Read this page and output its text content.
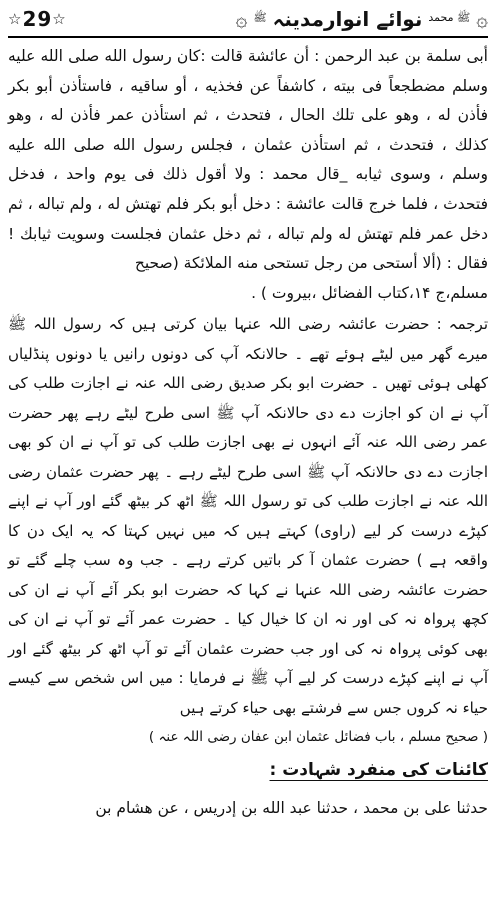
☆ 29 ☆	۞
ﷺ محمد
نوائے انوارمدینہ
ﷺ
۞

أبی سلمة بن عبد الرحمن : أن عائشة قالت :كان رسول الله صلی الله علیه وسلم مضطجعاً فی بیته ، كاشفاً عن فخذیه ، أو ساقیه ، فاستأذن أبو بكر فأذن له ، وهو علی تلك الحال ، فتحدث ، ثم استأذن عمر فأذن له ، وهو كذلك ، فتحدث ، ثم استأذن عثمان ، فجلس رسول الله صلی الله علیه وسلم ، وسوی ثیابه _قال محمد : ولا أقول ذلك فی یوم واحد ، فدخل فتحدث ، فلما خرج قالت عائشة : دخل أبو بكر فلم تهتش له ، ولم تباله ، ثم دخل عمر فلم تهتش له ولم تباله ، ثم دخل عثمان فجلست وسویت ثیابك !فقال : (ألا أستحی من رجل تستحی منه الملائكة (صحیح

مسلم،ج ۱۴،كتاب الفضائل ،بیروت ) .

ترجمہ : حضرت عائشہ رضی اللہ عنہا بیان کرتی ہیں کہ رسول اللہ ﷺ میرے گھر میں لیٹے ہوئے تھے ۔ حالانکہ آپ کی دونوں رانیں یا دونوں پنڈلیاں کھلی ہوئی تھیں ۔ حضرت ابو بکر صدیق رضی اللہ عنہ نے اجازت طلب کی آپ نے ان کو اجازت دے دی حالانکہ آپ ﷺ اسی طرح لیٹے رہے پھر حضرت عمر رضی اللہ عنہ آئے انہوں نے بھی اجازت طلب کی تو آپ نے ان کو بھی اجازت دے دی حالانکہ آپ ﷺ اسی طرح لیٹے رہے ۔ پھر حضرت عثمان رضی اللہ عنہ نے اجازت طلب کی تو رسول اللہ ﷺ اٹھ کر بیٹھ گئے اور آپ نے اپنے کپڑے درست کر لیے (راوی) کہتے ہیں کہ میں نہیں کہتا کہ یہ ایک دن کا واقعہ ہے ) حضرت عثمان آ کر باتیں کرتے رہے ۔ جب وہ سب چلے گئے تو حضرت عائشہ رضی اللہ عنہا نے کہا کہ حضرت ابو بکر آئے آپ نے ان کی کچھ پرواہ نہ کی اور نہ ان کا خیال کیا ۔ حضرت عمر آئے تو آپ نے ان کی بھی کوئی پرواہ نہ کی اور جب حضرت عثمان آئے تو آپ اٹھ کر بیٹھ گئے اور آپ نے اپنے کپڑے درست کر لیے آپ ﷺ نے فرمایا : میں اس شخص سے کیسے حیاء نہ کروں جس سے فرشتے بھی حیاء کرتے ہیں

( صحیح مسلم ، باب فضائل عثمان ابن عفان رضی اللہ عنہ )

کائنات کی منفرد شہادت :

حدثنا علی بن محمد ، حدثنا عبد الله بن إدریس ، عن هشام بن
